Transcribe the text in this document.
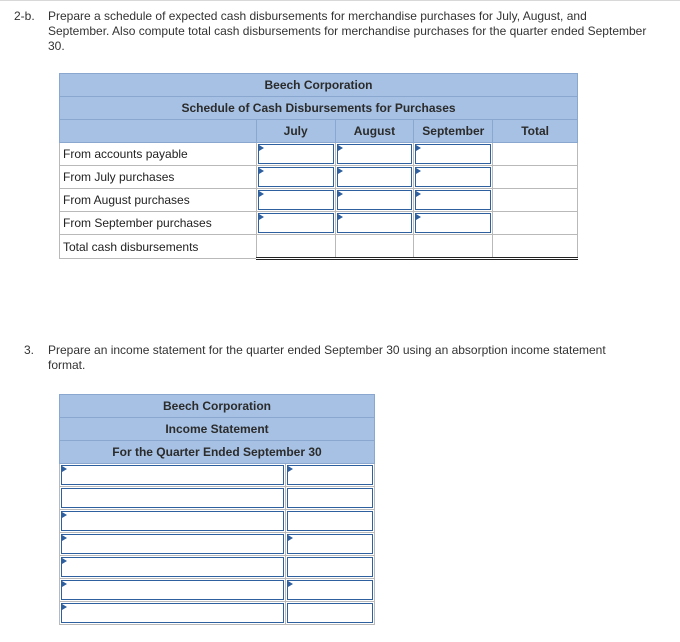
2-b. Prepare a schedule of expected cash disbursements for merchandise purchases for July, August, and September. Also compute total cash disbursements for merchandise purchases for the quarter ended September 30.
Beech Corporation				
Schedule of Cash Disbursements for Purchases				
	July	August	September	Total
From accounts payable	

From July purchases	

From August purchases	

From September purchases	

Total cash disbursements				
3. Prepare an income statement for the quarter ended September 30 using an absorption income statement format.
Beech Corporation	
Income Statement	
For the Quarter Ended September 30	
